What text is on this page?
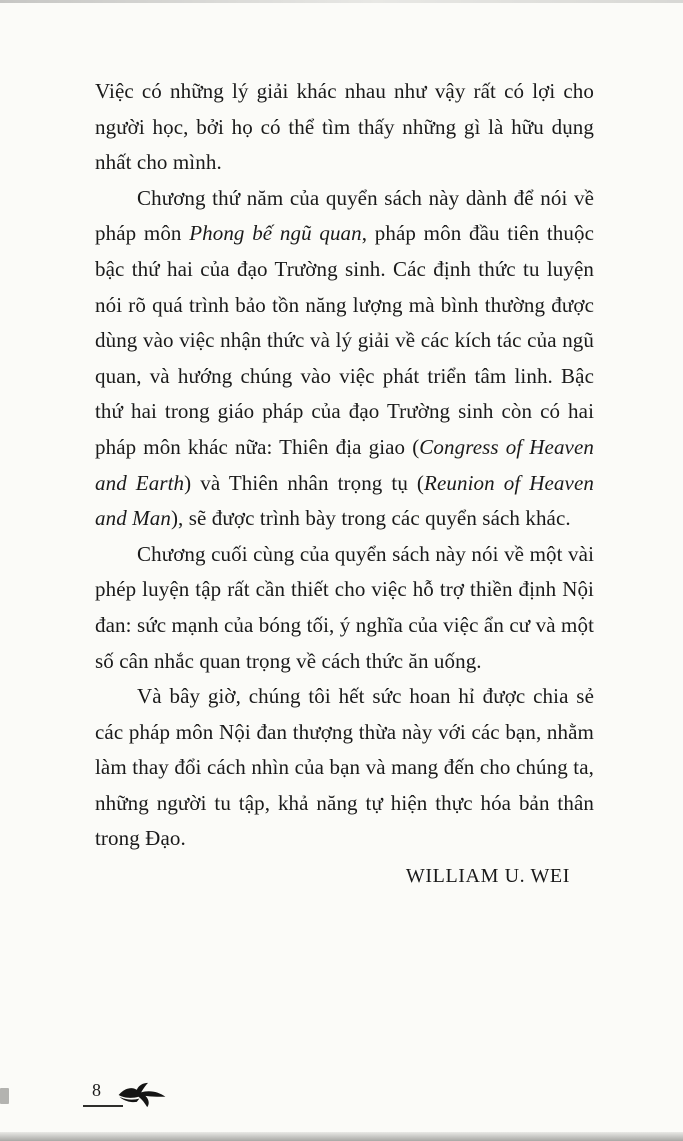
Việc có những lý giải khác nhau như vậy rất có lợi cho người học, bởi họ có thể tìm thấy những gì là hữu dụng nhất cho mình.

Chương thứ năm của quyển sách này dành để nói về pháp môn Phong bế ngũ quan, pháp môn đầu tiên thuộc bậc thứ hai của đạo Trường sinh. Các định thức tu luyện nói rõ quá trình bảo tồn năng lượng mà bình thường được dùng vào việc nhận thức và lý giải về các kích tác của ngũ quan, và hướng chúng vào việc phát triển tâm linh. Bậc thứ hai trong giáo pháp của đạo Trường sinh còn có hai pháp môn khác nữa: Thiên địa giao (Congress of Heaven and Earth) và Thiên nhân trọng tụ (Reunion of Heaven and Man), sẽ được trình bày trong các quyển sách khác.

Chương cuối cùng của quyển sách này nói về một vài phép luyện tập rất cần thiết cho việc hỗ trợ thiền định Nội đan: sức mạnh của bóng tối, ý nghĩa của việc ẩn cư và một số cân nhắc quan trọng về cách thức ăn uống.

Và bây giờ, chúng tôi hết sức hoan hỉ được chia sẻ các pháp môn Nội đan thượng thừa này với các bạn, nhằm làm thay đổi cách nhìn của bạn và mang đến cho chúng ta, những người tu tập, khả năng tự hiện thực hóa bản thân trong Đạo.

WILLIAM U. WEI
8
